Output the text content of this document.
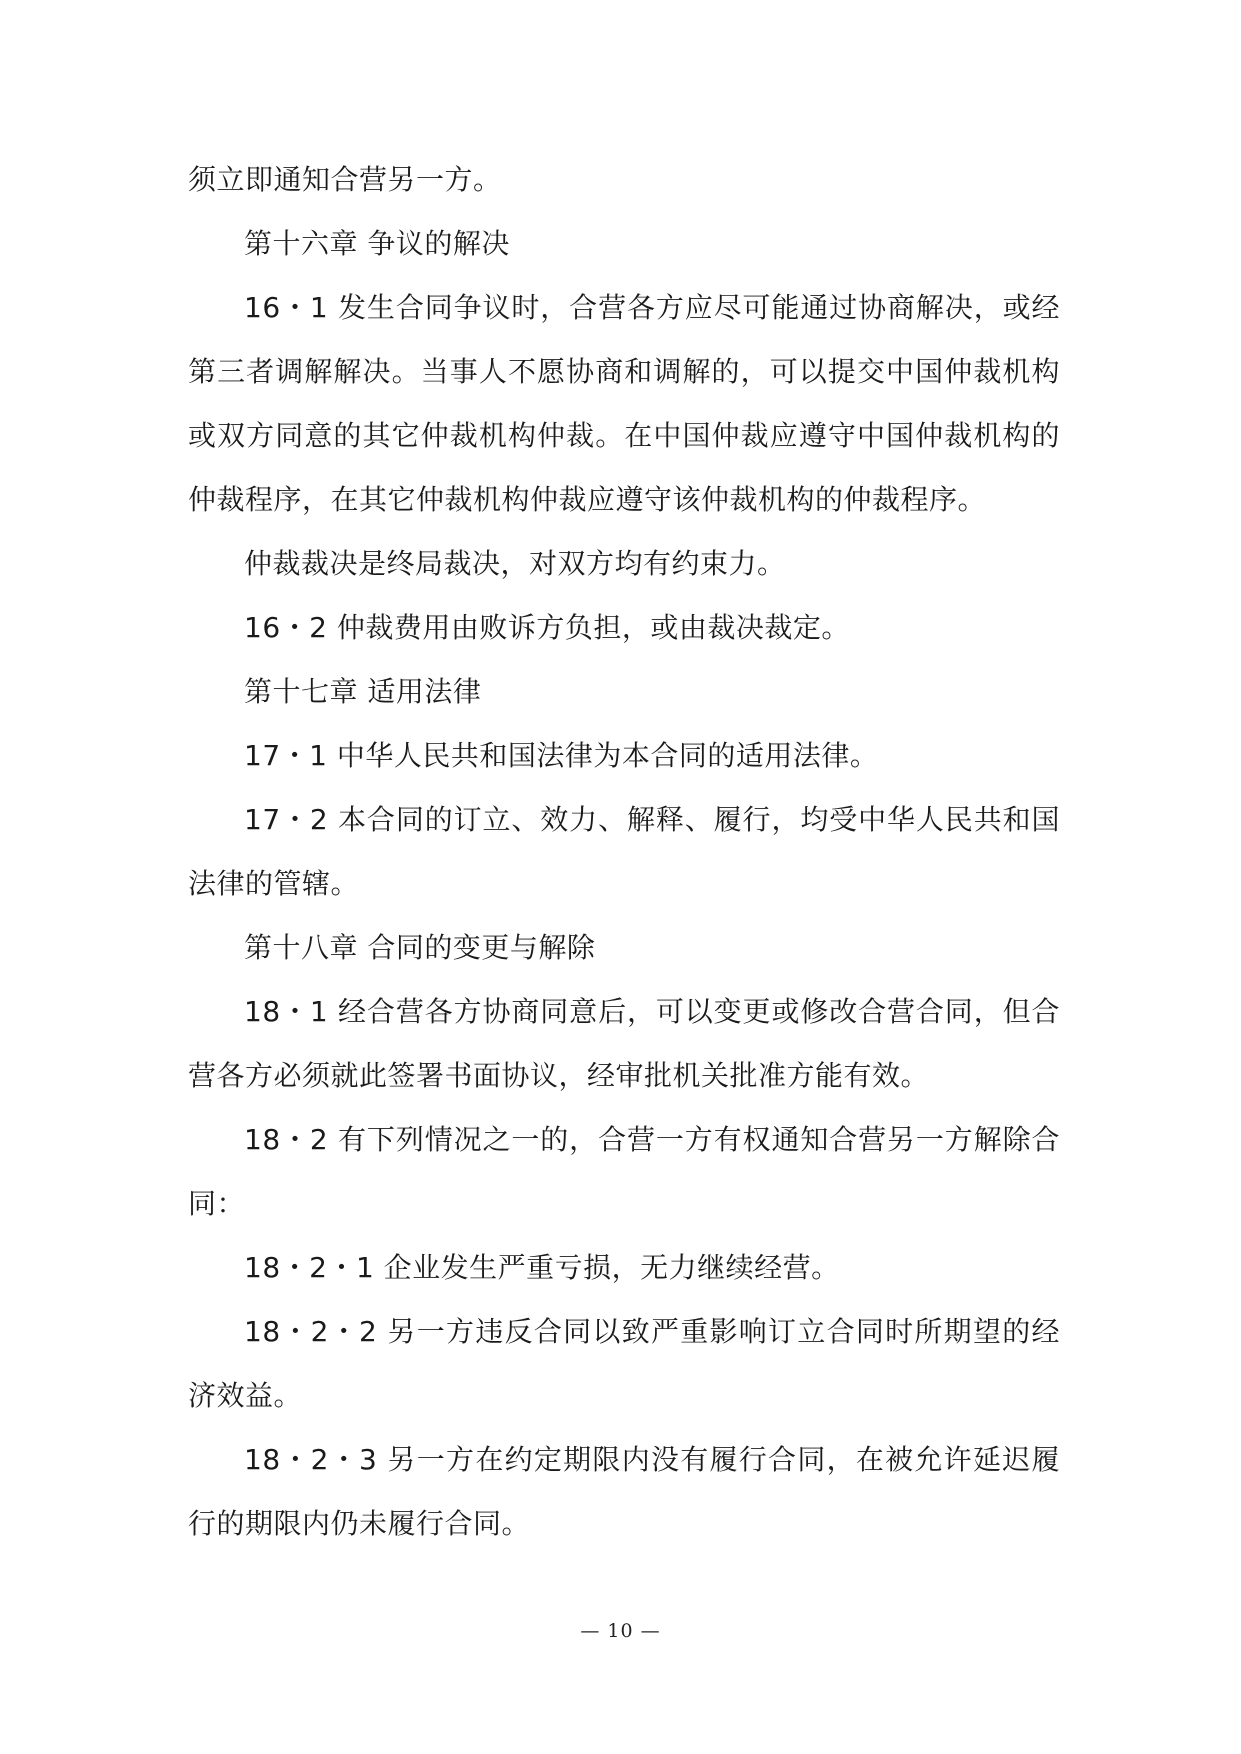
须立即通知合营另一方。

第十六章 争议的解决

16・1 发生合同争议时，合营各方应尽可能通过协商解决，或经第三者调解解决。当事人不愿协商和调解的，可以提交中国仲裁机构或双方同意的其它仲裁机构仲裁。在中国仲裁应遵守中国仲裁机构的仲裁程序，在其它仲裁机构仲裁应遵守该仲裁机构的仲裁程序。

仲裁裁决是终局裁决，对双方均有约束力。

16・2 仲裁费用由败诉方负担，或由裁决裁定。

第十七章 适用法律

17・1 中华人民共和国法律为本合同的适用法律。

17・2 本合同的订立、效力、解释、履行，均受中华人民共和国法律的管辖。

第十八章 合同的变更与解除

18・1 经合营各方协商同意后，可以变更或修改合营合同，但合营各方必须就此签署书面协议，经审批机关批准方能有效。

18・2 有下列情况之一的，合营一方有权通知合营另一方解除合同：

18・2・1 企业发生严重亏损，无力继续经营。

18・2・2 另一方违反合同以致严重影响订立合同时所期望的经济效益。

18・2・3 另一方在约定期限内没有履行合同，在被允许延迟履行的期限内仍未履行合同。

— 10 —
